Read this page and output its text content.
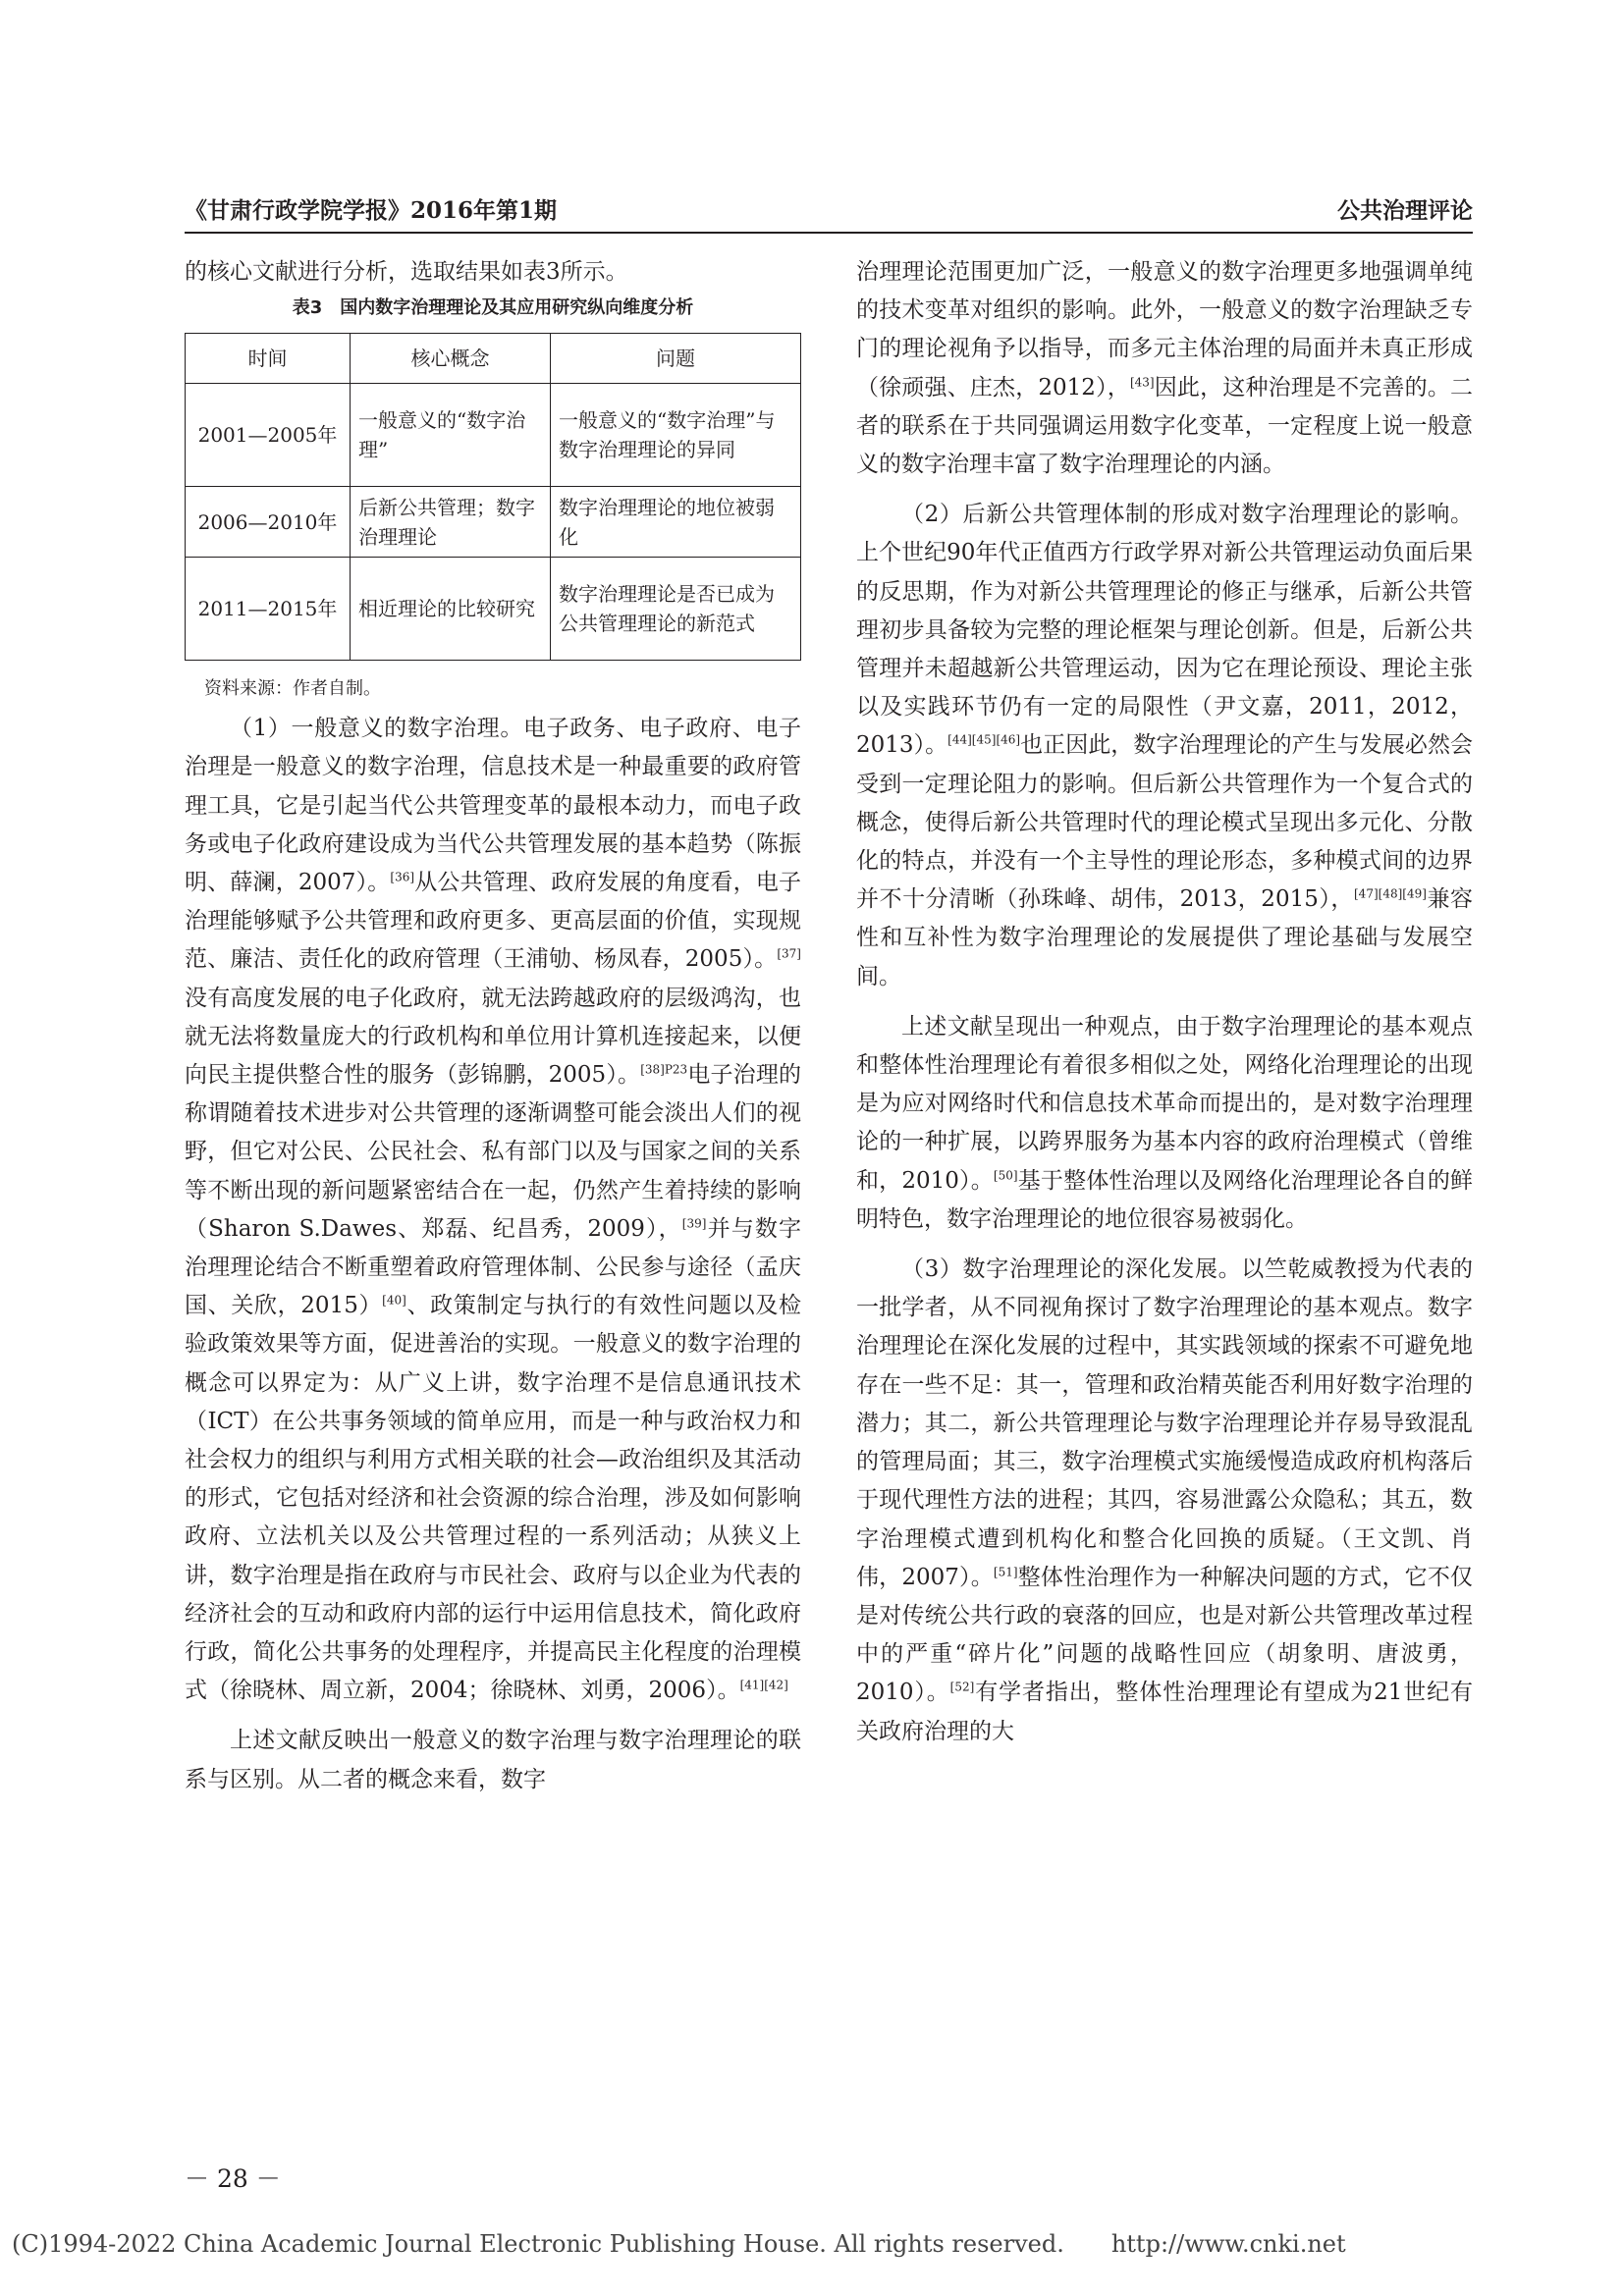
《甘肃行政学院学报》2016年第1期	公共治理评论

的核心文献进行分析，选取结果如表3所示。

表3　国内数字治理理论及其应用研究纵向维度分析
时间	核心概念	问题
2001—2005年	一般意义的“数字治理”	一般意义的“数字治理”与数字治理理论的异同
2006—2010年	后新公共管理；数字治理理论	数字治理理论的地位被弱化
2011—2015年	相近理论的比较研究	数字治理理论是否已成为公共管理理论的新范式
资料来源：作者自制。

（1）一般意义的数字治理。电子政务、电子政府、电子治理是一般意义的数字治理，信息技术是一种最重要的政府管理工具，它是引起当代公共管理变革的最根本动力，而电子政务或电子化政府建设成为当代公共管理发展的基本趋势（陈振明、薛澜，2007）。[36]从公共管理、政府发展的角度看，电子治理能够赋予公共管理和政府更多、更高层面的价值，实现规范、廉洁、责任化的政府管理（王浦劬、杨凤春，2005）。[37]没有高度发展的电子化政府，就无法跨越政府的层级鸿沟，也就无法将数量庞大的行政机构和单位用计算机连接起来，以便向民主提供整合性的服务（彭锦鹏，2005）。$^{[38]P23}$电子治理的称谓随着技术进步对公共管理的逐渐调整可能会淡出人们的视野，但它对公民、公民社会、私有部门以及与国家之间的关系等不断出现的新问题紧密结合在一起，仍然产生着持续的影响（Sharon S.Dawes、郑磊、纪昌秀，2009），[39]并与数字治理理论结合不断重塑着政府管理体制、公民参与途径（孟庆国、关欣，2015）[40]、政策制定与执行的有效性问题以及检验政策效果等方面，促进善治的实现。一般意义的数字治理的概念可以界定为：从广义上讲，数字治理不是信息通讯技术（ICT）在公共事务领域的简单应用，而是一种与政治权力和社会权力的组织与利用方式相关联的社会—政治组织及其活动的形式，它包括对经济和社会资源的综合治理，涉及如何影响政府、立法机关以及公共管理过程的一系列活动；从狭义上讲，数字治理是指在政府与市民社会、政府与以企业为代表的经济社会的互动和政府内部的运行中运用信息技术，简化政府行政，简化公共事务的处理程序，并提高民主化程度的治理模式（徐晓林、周立新，2004；徐晓林、刘勇，2006）。[41][42]

上述文献反映出一般意义的数字治理与数字治理理论的联系与区别。从二者的概念来看，数字

治理理论范围更加广泛，一般意义的数字治理更多地强调单纯的技术变革对组织的影响。此外，一般意义的数字治理缺乏专门的理论视角予以指导，而多元主体治理的局面并未真正形成（徐顽强、庄杰，2012），[43]因此，这种治理是不完善的。二者的联系在于共同强调运用数字化变革，一定程度上说一般意义的数字治理丰富了数字治理理论的内涵。

（2）后新公共管理体制的形成对数字治理理论的影响。上个世纪90年代正值西方行政学界对新公共管理运动负面后果的反思期，作为对新公共管理理论的修正与继承，后新公共管理初步具备较为完整的理论框架与理论创新。但是，后新公共管理并未超越新公共管理运动，因为它在理论预设、理论主张以及实践环节仍有一定的局限性（尹文嘉，2011，2012，2013）。[44][45][46]也正因此，数字治理理论的产生与发展必然会受到一定理论阻力的影响。但后新公共管理作为一个复合式的概念，使得后新公共管理时代的理论模式呈现出多元化、分散化的特点，并没有一个主导性的理论形态，多种模式间的边界并不十分清晰（孙珠峰、胡伟，2013，2015），[47][48][49]兼容性和互补性为数字治理理论的发展提供了理论基础与发展空间。

上述文献呈现出一种观点，由于数字治理理论的基本观点和整体性治理理论有着很多相似之处，网络化治理理论的出现是为应对网络时代和信息技术革命而提出的，是对数字治理理论的一种扩展，以跨界服务为基本内容的政府治理模式（曾维和，2010）。[50]基于整体性治理以及网络化治理理论各自的鲜明特色，数字治理理论的地位很容易被弱化。

（3）数字治理理论的深化发展。以竺乾威教授为代表的一批学者，从不同视角探讨了数字治理理论的基本观点。数字治理理论在深化发展的过程中，其实践领域的探索不可避免地存在一些不足：其一，管理和政治精英能否利用好数字治理的潜力；其二，新公共管理理论与数字治理理论并存易导致混乱的管理局面；其三，数字治理模式实施缓慢造成政府机构落后于现代理性方法的进程；其四，容易泄露公众隐私；其五，数字治理模式遭到机构化和整合化回换的质疑。（王文凯、肖伟，2007）。[51]整体性治理作为一种解决问题的方式，它不仅是对传统公共行政的衰落的回应，也是对新公共管理改革过程中的严重“碎片化”问题的战略性回应（胡象明、唐波勇，2010）。[52]有学者指出，整体性治理理论有望成为21世纪有关政府治理的大

－ 28 －
(C)1994-2022 China Academic Journal Electronic Publishing House. All rights reserved.　　http://www.cnki.net
